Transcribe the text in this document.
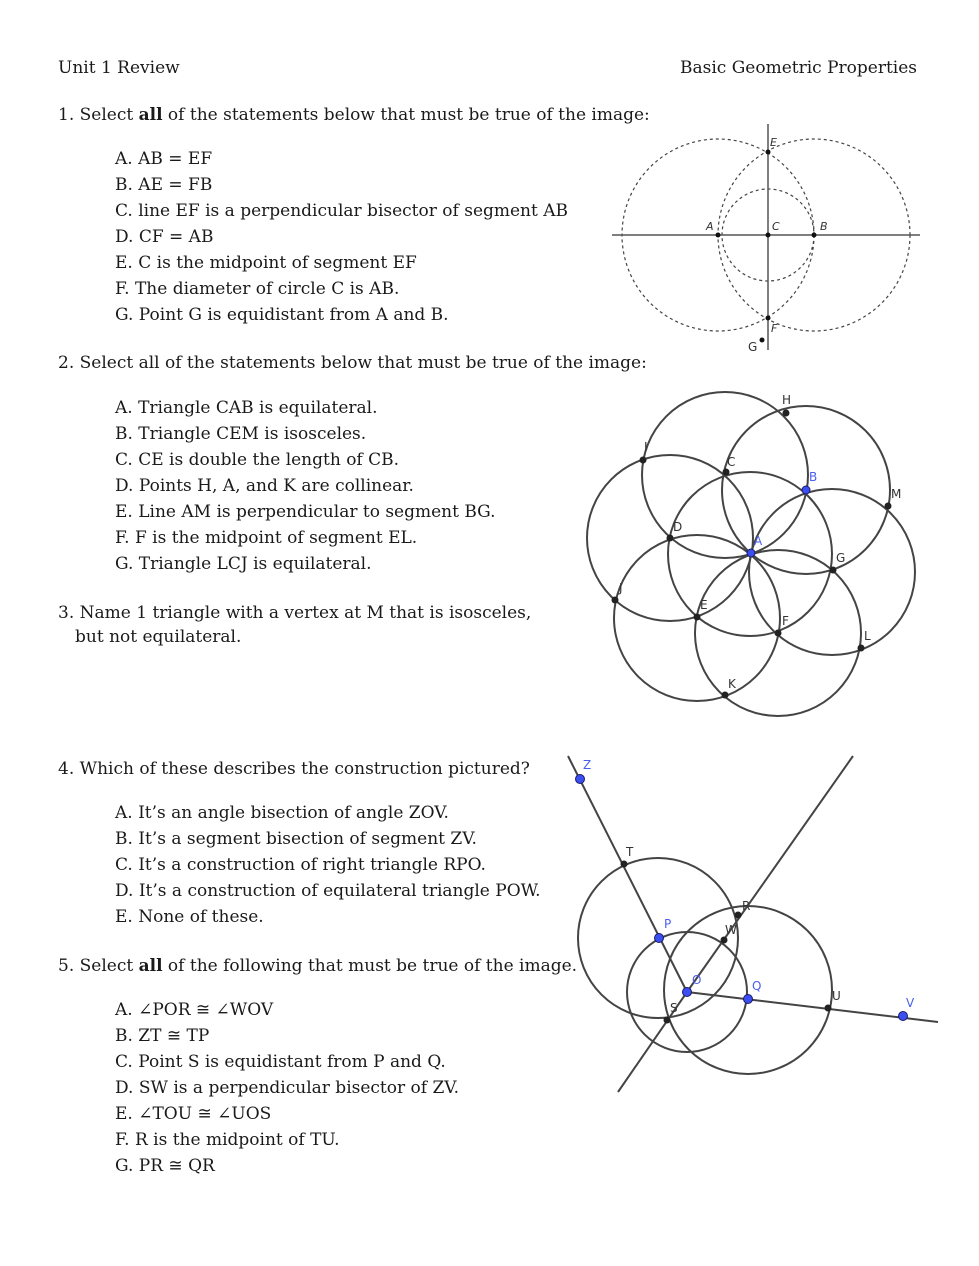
Unit 1 Review	Basic Geometric Properties
1. Select all of the statements below that must be true of the image:
A. AB = EF
B. AE = FB
C. line EF is a perpendicular bisector of segment AB
D. CF = AB
E. C is the midpoint of segment EF
F. The diameter of circle C is AB.
G. Point G is equidistant from A and B.
E
A	C	B
F
G
2. Select all of the statements below that must be true of the image:
A. Triangle CAB is equilateral.
B. Triangle CEM is isosceles.
C. CE is double the length of CB.
D. Points H, A, and K are collinear.
E. Line AM is perpendicular to segment BG.
F. F is the midpoint of segment EL.
G. Triangle LCJ is equilateral.
H
I
C
B
M
D
A
G
J
E
F
L
K
3. Name 1 triangle with a vertex at M that is isosceles,
but not equilateral.
4. Which of these describes the construction pictured?
A. It’s an angle bisection of angle ZOV.
B. It’s a segment bisection of segment ZV.
C. It’s a construction of right triangle RPO.
D. It’s a construction of equilateral triangle POW.
E. None of these.
Z
T
R
P	W
O	Q
S
U	V
5. Select all of the following that must be true of the image.
A. ∠POR ≅ ∠WOV
B. ZT ≅ TP
C. Point S is equidistant from P and Q.
D. SW is a perpendicular bisector of ZV.
E. ∠TOU ≅ ∠UOS
F. R is the midpoint of TU.
G. PR ≅ QR
